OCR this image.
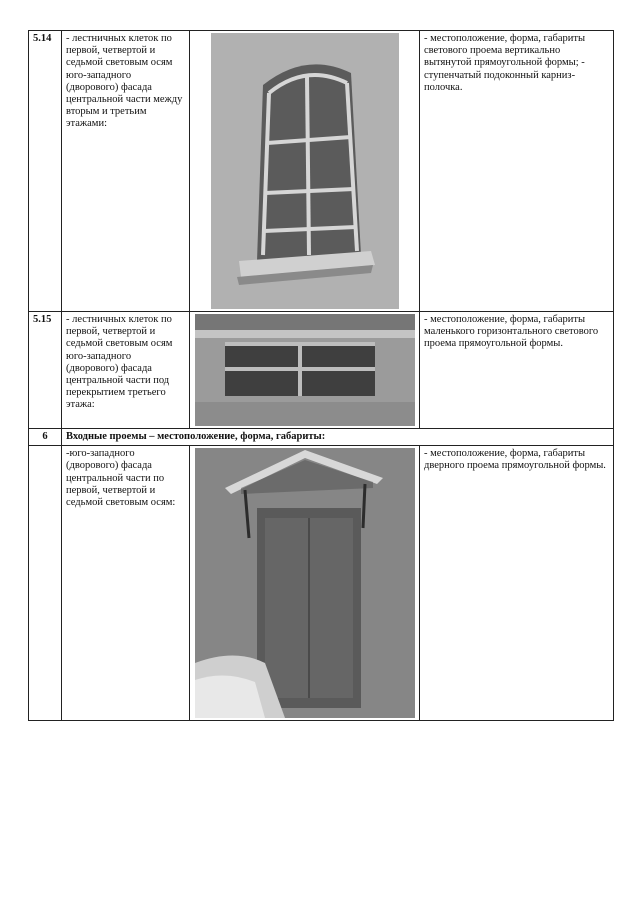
5.14	- лестничных клеток по первой, четвертой и седьмой световым осям юго-западного (дворового) фасада центральной части между вторым и третьим этажами:		- местоположение, форма, габариты светового проема вертикально вытянутой прямоугольной формы; - ступенчатый подоконный карниз-полочка.
5.15	- лестничных клеток по первой, четвертой и седьмой световым осям юго-западного (дворового) фасада центральной части под перекрытием третьего этажа:		- местоположение, форма, габариты маленького горизонтального светового проема прямоугольной формы.
6	Входные проемы – местоположение, форма, габариты:		
	-юго-западного (дворового) фасада центральной части по первой, четвертой и седьмой световым осям:		- местоположение, форма, габариты дверного проема прямоугольной формы.
